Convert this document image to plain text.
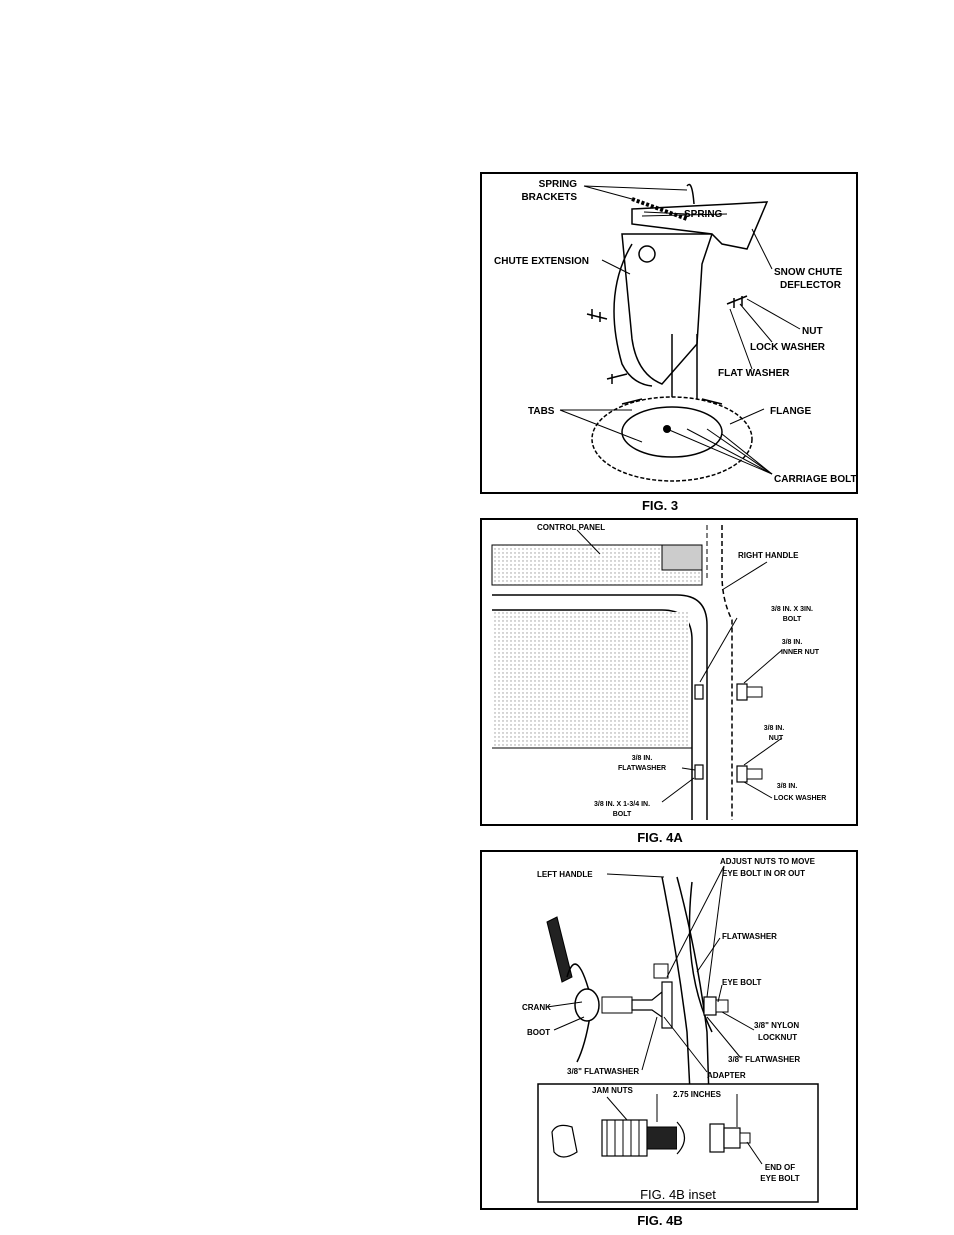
SPRING
BRACKETS
SPRING
CHUTE EXTENSION
SNOW CHUTE
DEFLECTOR
NUT
LOCK WASHER
FLAT WASHER
TABS	FLANGE
CARRIAGE BOLT
FIG. 3
CONTROL PANEL
RIGHT HANDLE
3/8 IN. X 3IN.
BOLT
3/8 IN.
INNER NUT
3/8 IN.
NUT
3/8 IN.
FLATWASHER
3/8 IN.
LOCK WASHER
3/8 IN. X 1-3/4 IN.
BOLT
FIG. 4A
ADJUST NUTS TO MOVE
EYE BOLT IN OR OUT
LEFT HANDLE
FLATWASHER
EYE BOLT
CRANK
BOOT
3/8" NYLON
LOCKNUT
3/8" FLATWASHER
3/8" FLATWASHER	ADAPTER
JAM NUTS	2.75 INCHES
END OF
EYE BOLT
FIG. 4B inset
FIG. 4B
